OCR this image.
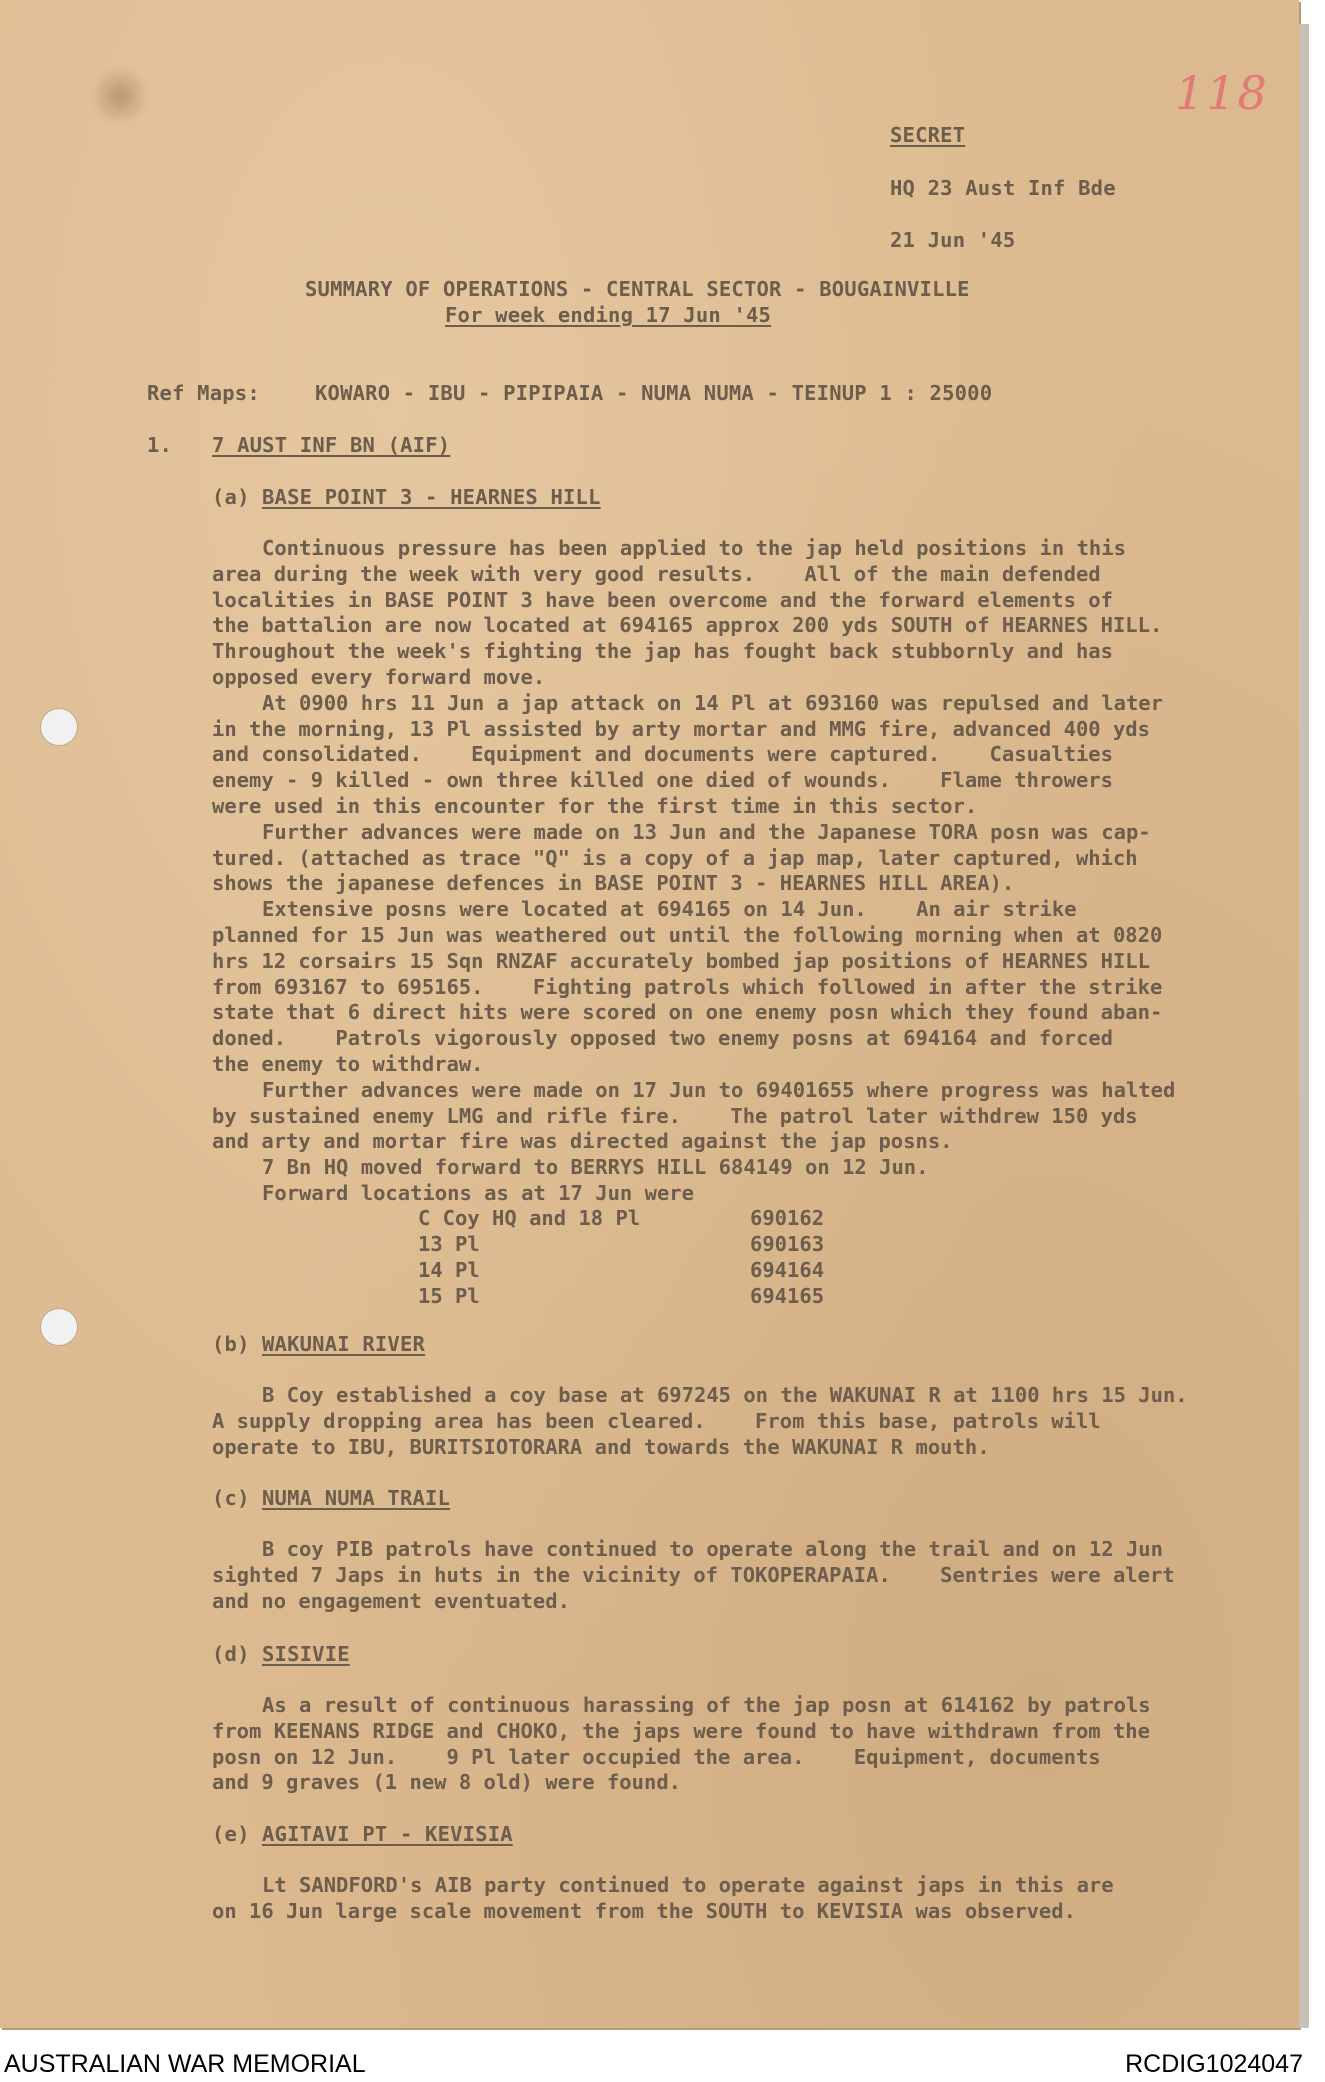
118
SECRET
HQ 23 Aust Inf Bde
21 Jun '45
SUMMARY OF OPERATIONS - CENTRAL SECTOR - BOUGAINVILLE
For week ending 17 Jun '45
Ref Maps:	KOWARO - IBU - PIPIPAIA - NUMA NUMA - TEINUP 1 : 25000
1. 7 AUST INF BN (AIF)
(a) BASE POINT 3 - HEARNES HILL
Continuous pressure has been applied to the jap held positions in this
area during the week with very good results.    All of the main defended
localities in BASE POINT 3 have been overcome and the forward elements of
the battalion are now located at 694165 approx 200 yds SOUTH of HEARNES HILL.
Throughout the week's fighting the jap has fought back stubbornly and has
opposed every forward move.
At 0900 hrs 11 Jun a jap attack on 14 Pl at 693160 was repulsed and later
in the morning, 13 Pl assisted by arty mortar and MMG fire, advanced 400 yds
and consolidated.    Equipment and documents were captured.    Casualties
enemy - 9 killed - own three killed one died of wounds.    Flame throwers
were used in this encounter for the first time in this sector.
Further advances were made on 13 Jun and the Japanese TORA posn was cap-
tured. (attached as trace "Q" is a copy of a jap map, later captured, which
shows the japanese defences in BASE POINT 3 - HEARNES HILL AREA).
Extensive posns were located at 694165 on 14 Jun.    An air strike
planned for 15 Jun was weathered out until the following morning when at 0820
hrs 12 corsairs 15 Sqn RNZAF accurately bombed jap positions of HEARNES HILL
from 693167 to 695165.    Fighting patrols which followed in after the strike
state that 6 direct hits were scored on one enemy posn which they found aban-
doned.    Patrols vigorously opposed two enemy posns at 694164 and forced
the enemy to withdraw.
Further advances were made on 17 Jun to 69401655 where progress was halted
by sustained enemy LMG and rifle fire.    The patrol later withdrew 150 yds
and arty and mortar fire was directed against the jap posns.
7 Bn HQ moved forward to BERRYS HILL 684149 on 12 Jun.
Forward locations as at 17 Jun were
C Coy HQ and 18 Pl	690162
13 Pl	690163
14 Pl	694164
15 Pl	694165
(b) WAKUNAI RIVER
B Coy established a coy base at 697245 on the WAKUNAI R at 1100 hrs 15 Jun.
A supply dropping area has been cleared.    From this base, patrols will
operate to IBU, BURITSIOTORARA and towards the WAKUNAI R mouth.
(c) NUMA NUMA TRAIL
B coy PIB patrols have continued to operate along the trail and on 12 Jun
sighted 7 Japs in huts in the vicinity of TOKOPERAPAIA.    Sentries were alert
and no engagement eventuated.
(d) SISIVIE
As a result of continuous harassing of the jap posn at 614162 by patrols
from KEENANS RIDGE and CHOKO, the japs were found to have withdrawn from the
posn on 12 Jun.    9 Pl later occupied the area.    Equipment, documents
and 9 graves (1 new 8 old) were found.
(e) AGITAVI PT - KEVISIA
Lt SANDFORD's AIB party continued to operate against japs in this are
on 16 Jun large scale movement from the SOUTH to KEVISIA was observed.
AUSTRALIAN WAR MEMORIAL	RCDIG1024047
